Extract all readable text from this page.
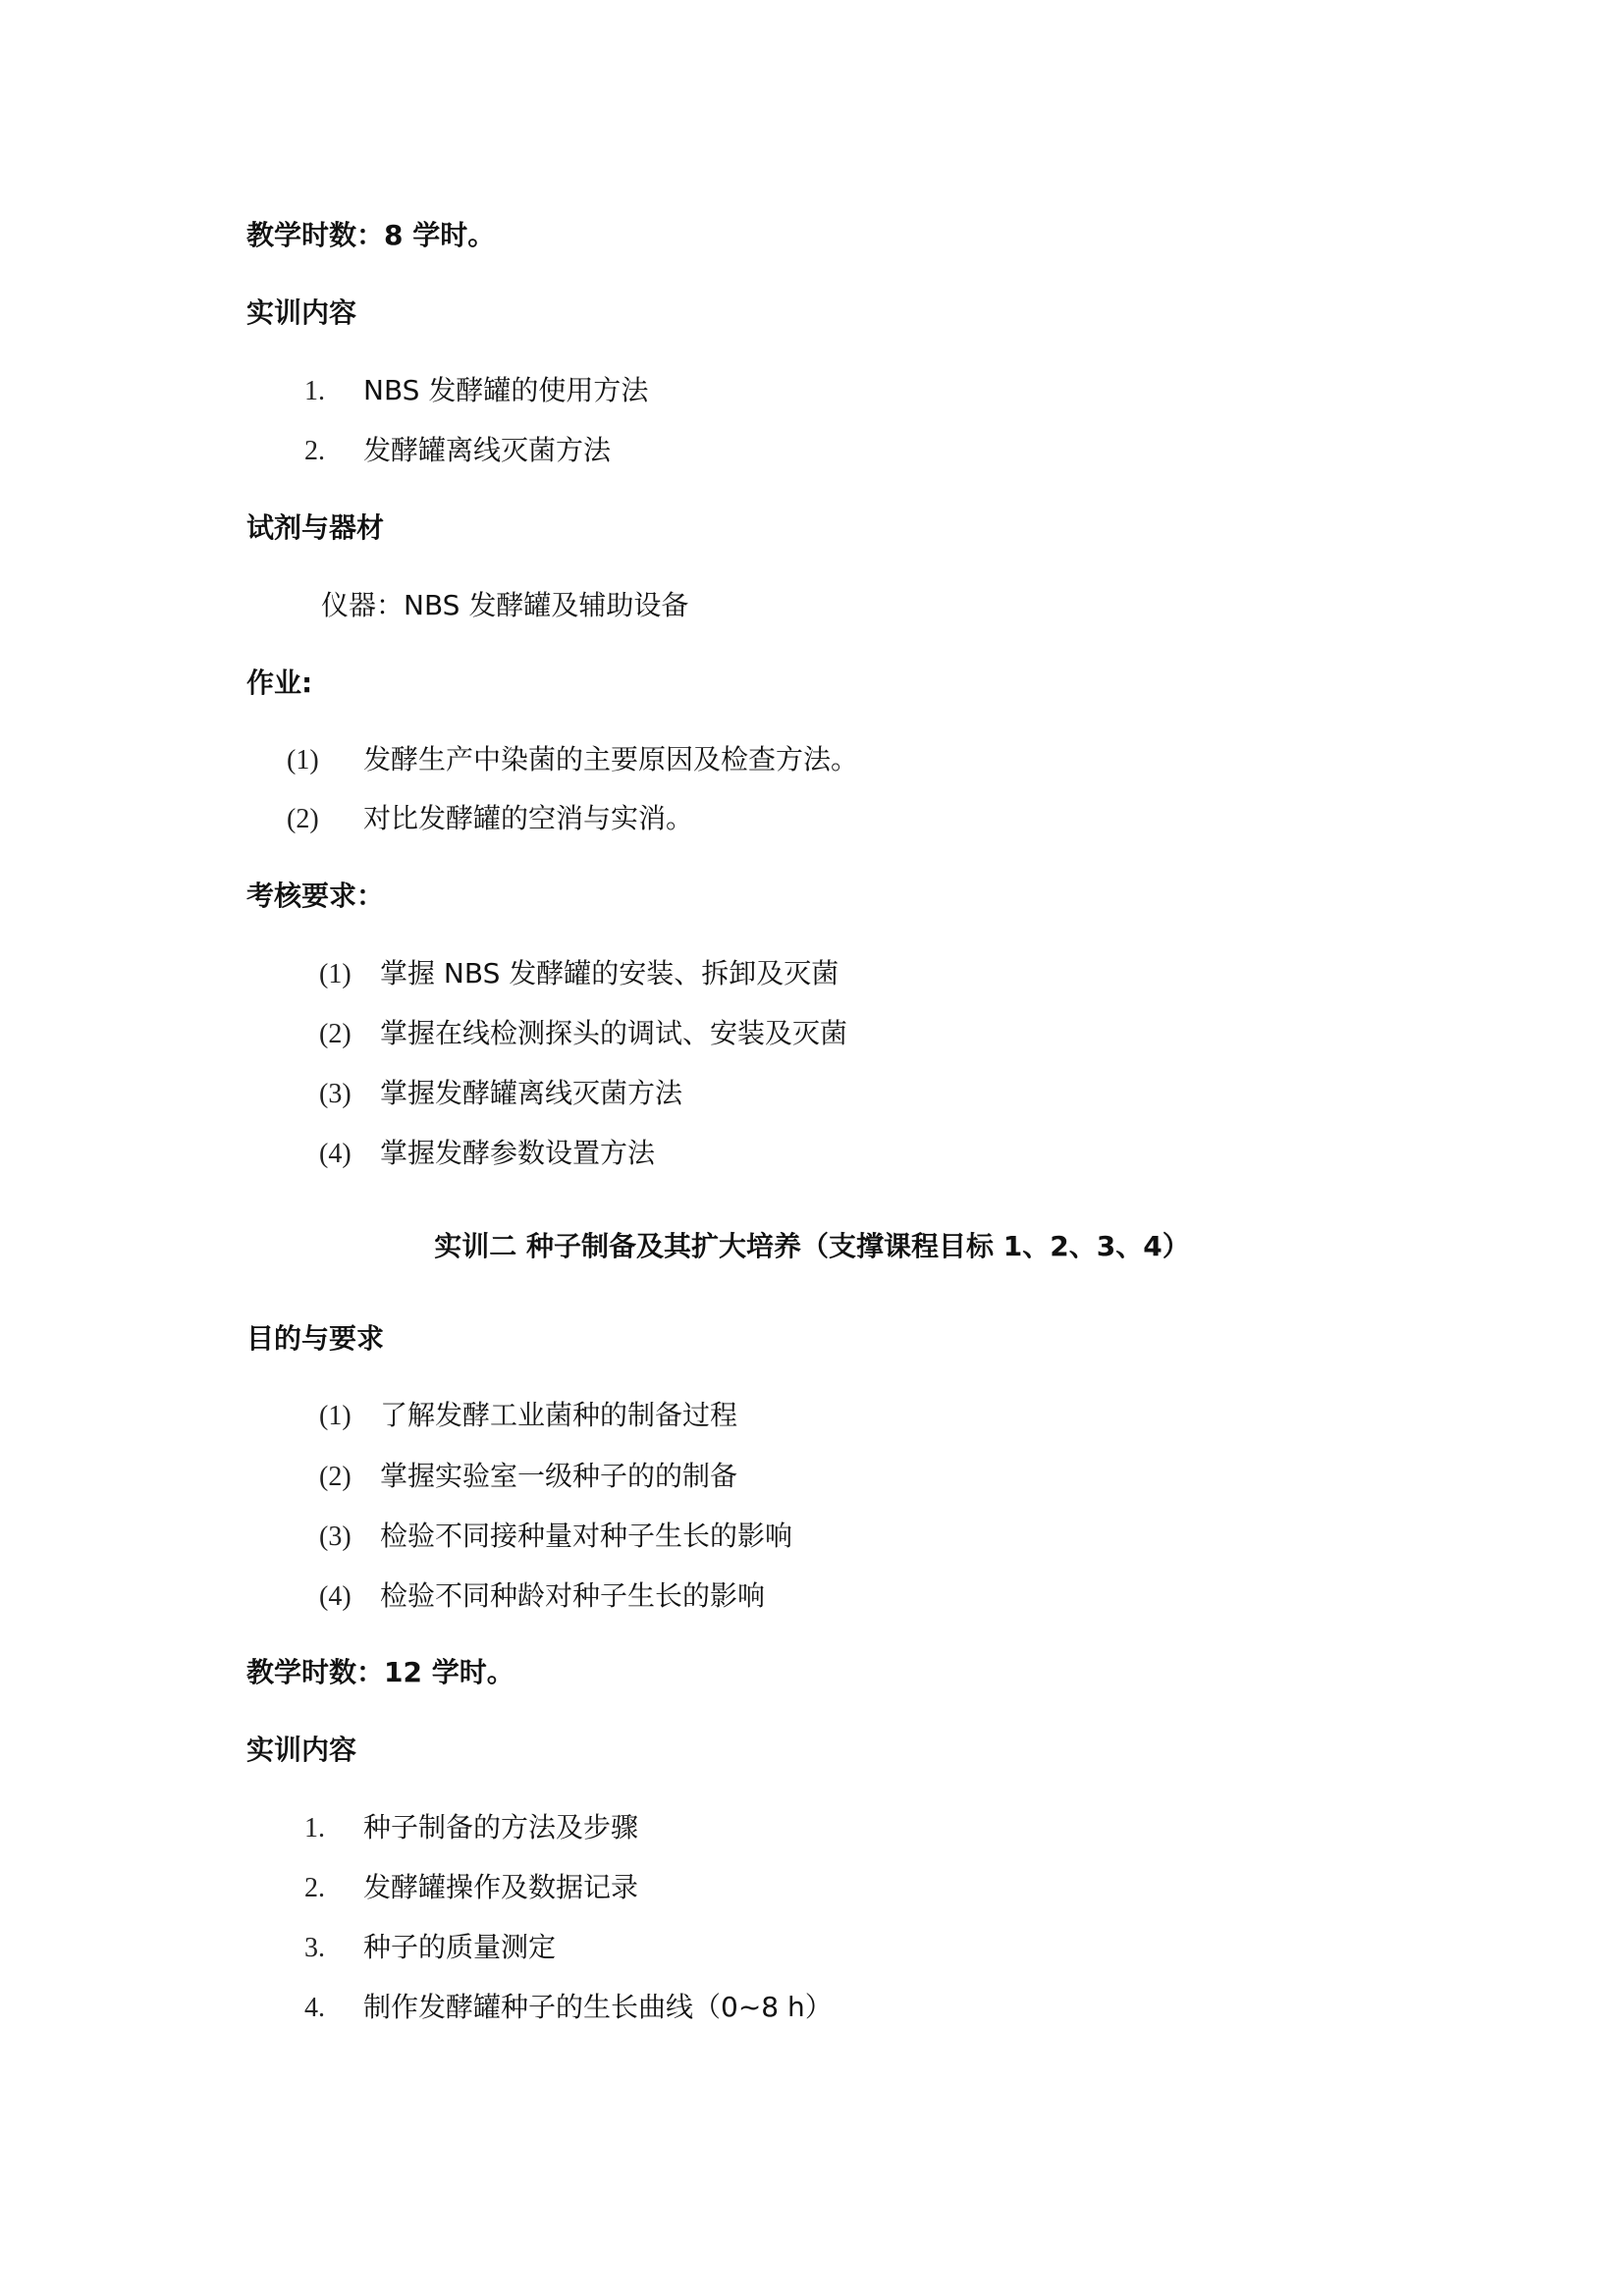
教学时数：8 学时。
实训内容
1. NBS 发酵罐的使用方法
2. 发酵罐离线灭菌方法
试剂与器材
仪器：NBS 发酵罐及辅助设备
作业:
(1) 发酵生产中染菌的主要原因及检查方法。
(2) 对比发酵罐的空消与实消。
考核要求：
(1) 掌握 NBS 发酵罐的安装、拆卸及灭菌
(2) 掌握在线检测探头的调试、安装及灭菌
(3) 掌握发酵罐离线灭菌方法
(4) 掌握发酵参数设置方法
实训二 种子制备及其扩大培养（支撑课程目标 1、2、3、4）
目的与要求
(1) 了解发酵工业菌种的制备过程
(2) 掌握实验室一级种子的的制备
(3) 检验不同接种量对种子生长的影响
(4) 检验不同种龄对种子生长的影响
教学时数：12 学时。
实训内容
1. 种子制备的方法及步骤
2. 发酵罐操作及数据记录
3. 种子的质量测定
4. 制作发酵罐种子的生长曲线（0~8 h）
